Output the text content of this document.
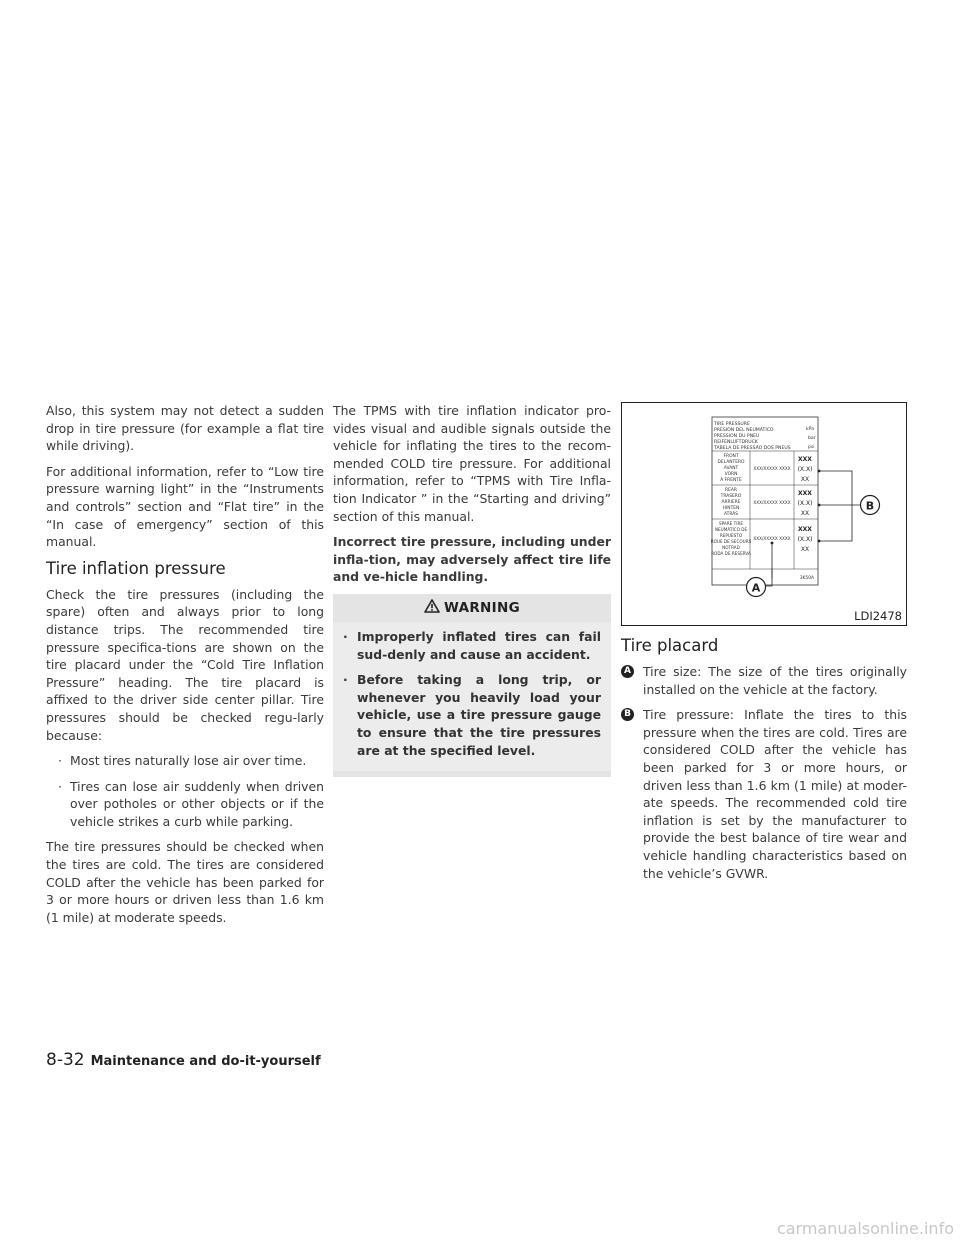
Also, this system may not detect a sudden drop in tire pressure (for example a flat tire while driving).

For additional information, refer to “Low tire pressure warning light” in the “Instruments and controls” section and “Flat tire” in the “In case of emergency” section of this manual.

Tire inflation pressure

Check the tire pressures (including the spare) often and always prior to long distance trips. The recommended tire pressure specifica-tions are shown on the tire placard under the “Cold Tire Inflation Pressure” heading. The tire placard is affixed to the driver side center pillar. Tire pressures should be checked regu-larly because:

· Most tires naturally lose air over time.
· Tires can lose air suddenly when driven over potholes or other objects or if the vehicle strikes a curb while parking.

The tire pressures should be checked when the tires are cold. The tires are considered COLD after the vehicle has been parked for 3 or more hours or driven less than 1.6 km (1 mile) at moderate speeds.

The TPMS with tire inflation indicator pro-vides visual and audible signals outside the vehicle for inflating the tires to the recom-mended COLD tire pressure. For additional information, refer to “TPMS with Tire Infla-tion Indicator ” in the “Starting and driving” section of this manual.

Incorrect tire pressure, including under infla-tion, may adversely affect tire life and ve-hicle handling.

WARNING
· Improperly inflated tires can fail sud-denly and cause an accident.
· Before taking a long trip, or whenever you heavily load your vehicle, use a tire pressure gauge to ensure that the tire pressures are at the specified level.
TIRE PRESSURE
PRESIÓN DEL NEUMÁTICO
PRESSION DU PNEU
REIFENLUFTDRUCK
TABELA DE PRESSÃO DOS PNEUS
kPa
bar
psi
FRONT
DELANTERO
AVANT
VORN
À FRENTE
XXX/XXXXX XXXX
XXX
(X.X)
XX
REAR
TRASERO
ARRIERE
HINTEN
ATRÁS
XXX/XXXXX XXXX
XXX
(X.X)
XX
SPARE TIRE
NEUMÁTICO DE
REPUESTO
ROUE DE SECOURS
NOTRAD
RODA DE RESERVA
XXX/XXXXX XXXX
XXX
(X.X)
XX
3K50A
B
A
LDI2478
Tire placard
A Tire size: The size of the tires originally installed on the vehicle at the factory.
B Tire pressure: Inflate the tires to this pressure when the tires are cold. Tires are considered COLD after the vehicle has been parked for 3 or more hours, or driven less than 1.6 km (1 mile) at moder-ate speeds. The recommended cold tire inflation is set by the manufacturer to provide the best balance of tire wear and vehicle handling characteristics based on the vehicle’s GVWR.
8-32 Maintenance and do-it-yourself
carmanualsonline.info
